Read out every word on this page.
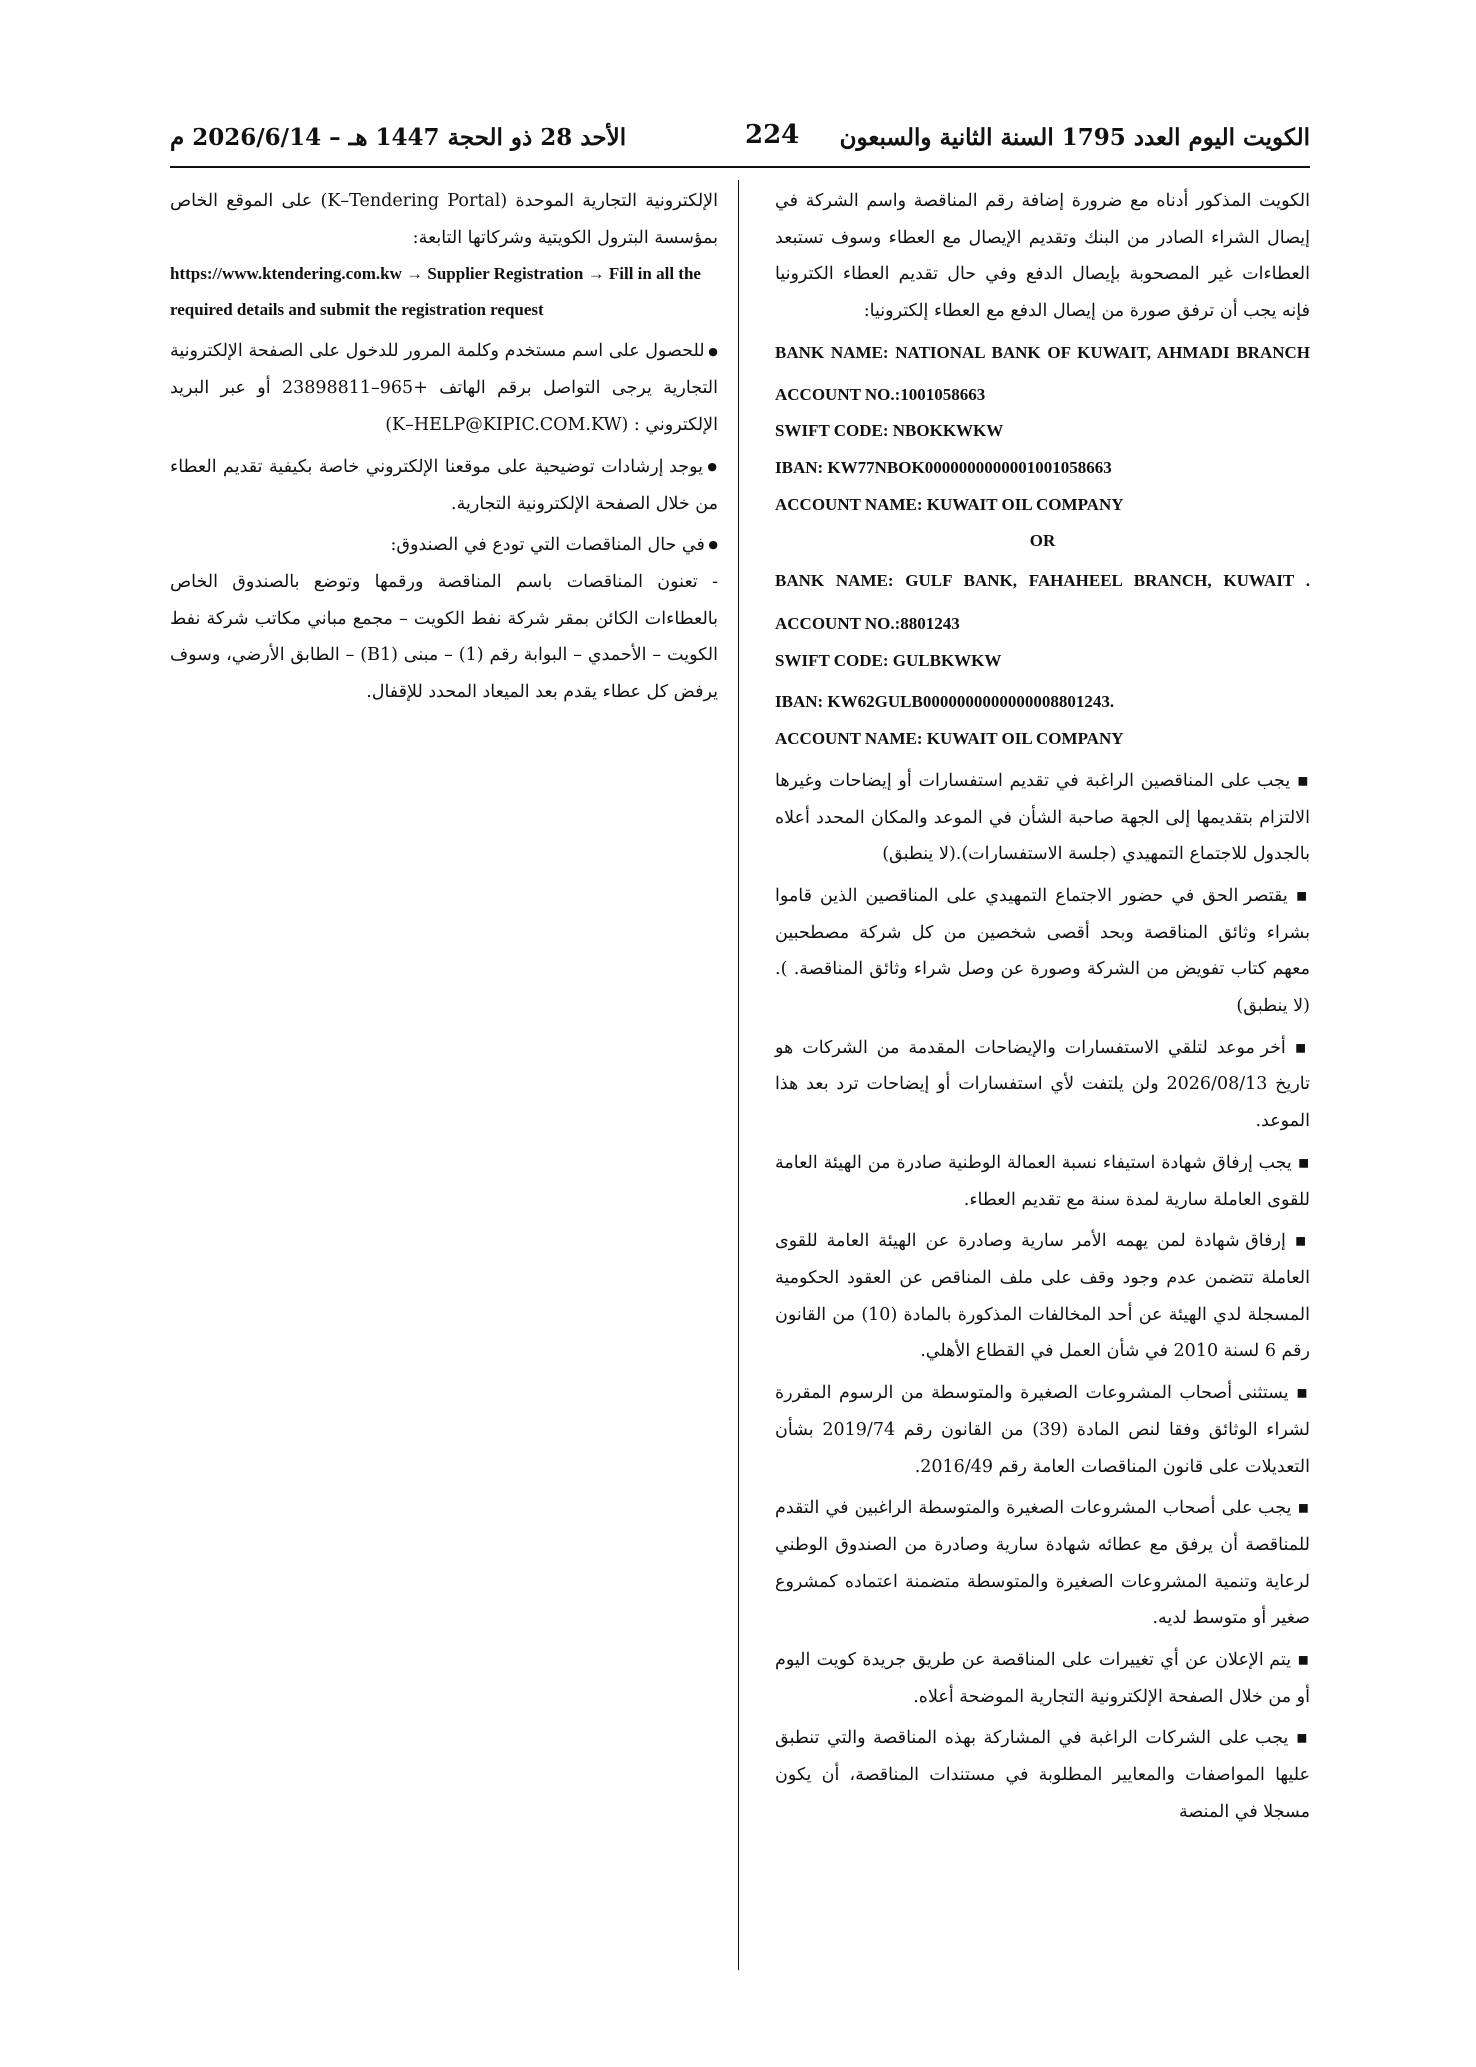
الأحد 28 ذو الحجة 1447 هـ – 2026/6/14 م	224 الكويت اليوم العدد 1795 السنة الثانية والسبعون

الكويت المذكور أدناه مع ضرورة إضافة رقم المناقصة واسم الشركة في إيصال الشراء الصادر من البنك وتقديم الإيصال مع العطاء وسوف تستبعد العطاءات غير المصحوبة بإيصال الدفع وفي حال تقديم العطاء الكترونيا فإنه يجب أن ترفق صورة من إيصال الدفع مع العطاء إلكترونيا:

BANK NAME: NATIONAL BANK OF KUWAIT, AHMADI BRANCH

ACCOUNT NO.:1001058663

SWIFT CODE: NBOKKWKW

IBAN: KW77NBOK0000000000001001058663

ACCOUNT NAME: KUWAIT OIL COMPANY

OR

BANK NAME: GULF BANK, FAHAHEEL BRANCH, KUWAIT .

ACCOUNT NO.:8801243

SWIFT CODE: GULBKWKW

IBAN: KW62GULB0000000000000008801243.

ACCOUNT NAME: KUWAIT OIL COMPANY

▪ يجب على المناقصين الراغبة في تقديم استفسارات أو إيضاحات وغيرها الالتزام بتقديمها إلى الجهة صاحبة الشأن في الموعد والمكان المحدد أعلاه بالجدول للاجتماع التمهيدي (جلسة الاستفسارات).(لا ينطبق)

▪ يقتصر الحق في حضور الاجتماع التمهيدي على المناقصين الذين قاموا بشراء وثائق المناقصة وبحد أقصى شخصين من كل شركة مصطحبين معهم كتاب تفويض من الشركة وصورة عن وصل شراء وثائق المناقصة. ).(لا ينطبق)

▪ أخر موعد لتلقي الاستفسارات والإيضاحات المقدمة من الشركات هو تاريخ 2026/08/13 ولن يلتفت لأي استفسارات أو إيضاحات ترد بعد هذا الموعد.

▪ يجب إرفاق شهادة استيفاء نسبة العمالة الوطنية صادرة من الهيئة العامة للقوى العاملة سارية لمدة سنة مع تقديم العطاء.

▪ إرفاق شهادة لمن يهمه الأمر سارية وصادرة عن الهيئة العامة للقوى العاملة تتضمن عدم وجود وقف على ملف المناقص عن العقود الحكومية المسجلة لدي الهيئة عن أحد المخالفات المذكورة بالمادة (10) من القانون رقم 6 لسنة 2010 في شأن العمل في القطاع الأهلي.

▪ يستثنى أصحاب المشروعات الصغيرة والمتوسطة من الرسوم المقررة لشراء الوثائق وفقا لنص المادة (39) من القانون رقم 2019/74 بشأن التعديلات على قانون المناقصات العامة رقم 2016/49.

▪ يجب على أصحاب المشروعات الصغيرة والمتوسطة الراغبين في التقدم للمناقصة أن يرفق مع عطائه شهادة سارية وصادرة من الصندوق الوطني لرعاية وتنمية المشروعات الصغيرة والمتوسطة متضمنة اعتماده كمشروع صغير أو متوسط لديه.

▪ يتم الإعلان عن أي تغييرات على المناقصة عن طريق جريدة كويت اليوم أو من خلال الصفحة الإلكترونية التجارية الموضحة أعلاه.

▪ يجب على الشركات الراغبة في المشاركة بهذه المناقصة والتي تنطبق عليها المواصفات والمعايير المطلوبة في مستندات المناقصة، أن يكون مسجلا في المنصة

الإلكترونية التجارية الموحدة (K–Tendering Portal) على الموقع الخاص بمؤسسة البترول الكويتية وشركاتها التابعة:

https://www.ktendering.com.kw → Supplier Registration → Fill in all the required details and submit the registration request

● للحصول على اسم مستخدم وكلمة المرور للدخول على الصفحة الإلكترونية التجارية يرجى التواصل برقم الهاتف +965–23898811 أو عبر البريد الإلكتروني : (K–HELP@KIPIC.COM.KW)

● يوجد إرشادات توضيحية على موقعنا الإلكتروني خاصة بكيفية تقديم العطاء من خلال الصفحة الإلكترونية التجارية.

● في حال المناقصات التي تودع في الصندوق:

- تعنون المناقصات باسم المناقصة ورقمها وتوضع بالصندوق الخاص بالعطاءات الكائن بمقر شركة نفط الكويت – مجمع مباني مكاتب شركة نفط الكويت – الأحمدي – البوابة رقم (1) – مبنى (B1) – الطابق الأرضي، وسوف يرفض كل عطاء يقدم بعد الميعاد المحدد للإقفال.
